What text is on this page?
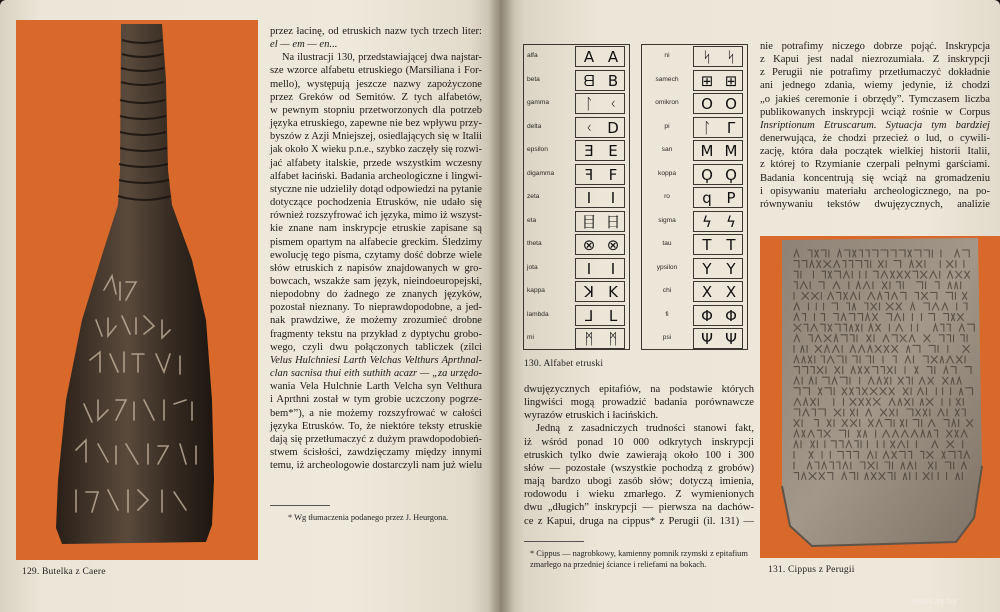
129. Butelka z Caere
przez łacinę, od etruskich nazw tych trzech liter:
el — em — en...
Na ilustracji 130, przedstawiającej dwa najstar-
sze wzorce alfabetu etruskiego (Marsiliana i For-
mello), występują jeszcze nazwy zapożyczone
przez Greków od Semitów. Z tych alfabetów,
w pewnym stopniu przetworzonych dla potrzeb
języka etruskiego, zapewne nie bez wpływu przy-
byszów z Azji Mniejszej, osiedlających się w Italii
jak około X wieku p.n.e., szybko zaczęły się rozwi-
jać alfabety italskie, przede wszystkim wczesny
alfabet łaciński. Badania archeologiczne i lingwi-
styczne nie udzieliły dotąd odpowiedzi na pytanie
dotyczące pochodzenia Etrusków, nie udało się
również rozszyfrować ich języka, mimo iż wszyst-
kie znane nam inskrypcje etruskie zapisane są
pismem opartym na alfabecie greckim. Śledzimy
ewolucję tego pisma, czytamy dość dobrze wiele
słów etruskich z napisów znajdowanych w gro-
bowcach, wszakże sam język, nieindoeuropejski,
niepodobny do żadnego ze znanych języków,
pozostał nieznany. To nieprawdopodobne, a jed-
nak prawdziwe, że możemy zrozumieć drobne
fragmenty tekstu na przykład z dyptychu grobo-
wego, czyli dwu połączonych tabliczek (zilci
Velus Hulchniesi Larth Velchas Velthurs Aprthnal-
clan sacnisa thui eith suthith acazr — „za urzędo-
wania Vela Hulchnie Larth Velcha syn Velthura
i Aprthni został w tym grobie uczczony pogrze-
bem*”), a nie możemy rozszyfrować w całości
języka Etrusków. To, że niektóre teksty etruskie
dają się przetłumaczyć z dużym prawdopodobień-
stwem ścisłości, zawdzięczamy między innymi
temu, iż archeologowie dostarczyli nam już wielu
* Wg tłumaczenia podanego przez J. Heurgona.
alfa	A A
beta	ᗺ B
gamma	ᛚ ᚲ
delta	ᚲ D
epsilon	Ǝ E
digamma	ꟻ	F
zeta	I	I
eta	目 日
theta	⊗ ⊗
jota	I	I
kappa	ꓘ K
lambda	⅃	L
mi	ᛗ ᛗ
ni	ᛋ ᛋ
samech	⊞ ⊞
omikron	O O
pi	ᛚ	Γ
san	M M
koppa	Ϙ Ϙ
ro	q P
sigma	ϟ ϟ
tau	T T
ypsilon	Y Y
chi	X X
fi	Φ Φ
psi	Ψ Ψ
130. Alfabet etruski
dwujęzycznych epitafiów, na podstawie których
lingwiści mogą prowadzić badania porównawcze
wyrazów etruskich i łacińskich.
Jedną z zasadniczych trudności stanowi fakt,
iż wśród ponad 10 000 odkrytych inskrypcji
etruskich tylko dwie zawierają około 100 i 300
słów — pozostałe (wszystkie pochodzą z grobów)
mają bardzo ubogi zasób słów; dotyczą imienia,
rodowodu i wieku zmarłego. Z wymienionych
dwu „długich” inskrypcji — pierwsza na dachów-
ce z Kapui, druga na cippus* z Perugii (il. 131) —
* Cippus — nagrobkowy, kamienny pomnik rzymski z epitafium zmarłego na przedniej ściance i reliefami na bokach.
nie potrafimy niczego dobrze pojąć. Inskrypcja
z Kapui jest nadal niezrozumiała. Z inskrypcji
z Perugii nie potrafimy przetłumaczyć dokładnie
ani jednego zdania, wiemy jedynie, iż chodzi
„o jakieś ceremonie i obrzędy”. Tymczasem liczba
publikowanych inskrypcji wciąż rośnie w Corpus
Insriptionum Etruscarum. Sytuacja tym bardziej
denerwująca, że chodzi przecież o lud, o cywili-
zację, która dała początek wielkiej historii Italii,
z której to Rzymianie czerpali pełnymi garściami.
Badania koncentrują się wciąż na gromadzeniu
i opisywaniu materiału archeologicznego, na po-
równywaniu tekstów dwujęzycznych, analizie
131. Cippus z Perugii
www.ay.by
